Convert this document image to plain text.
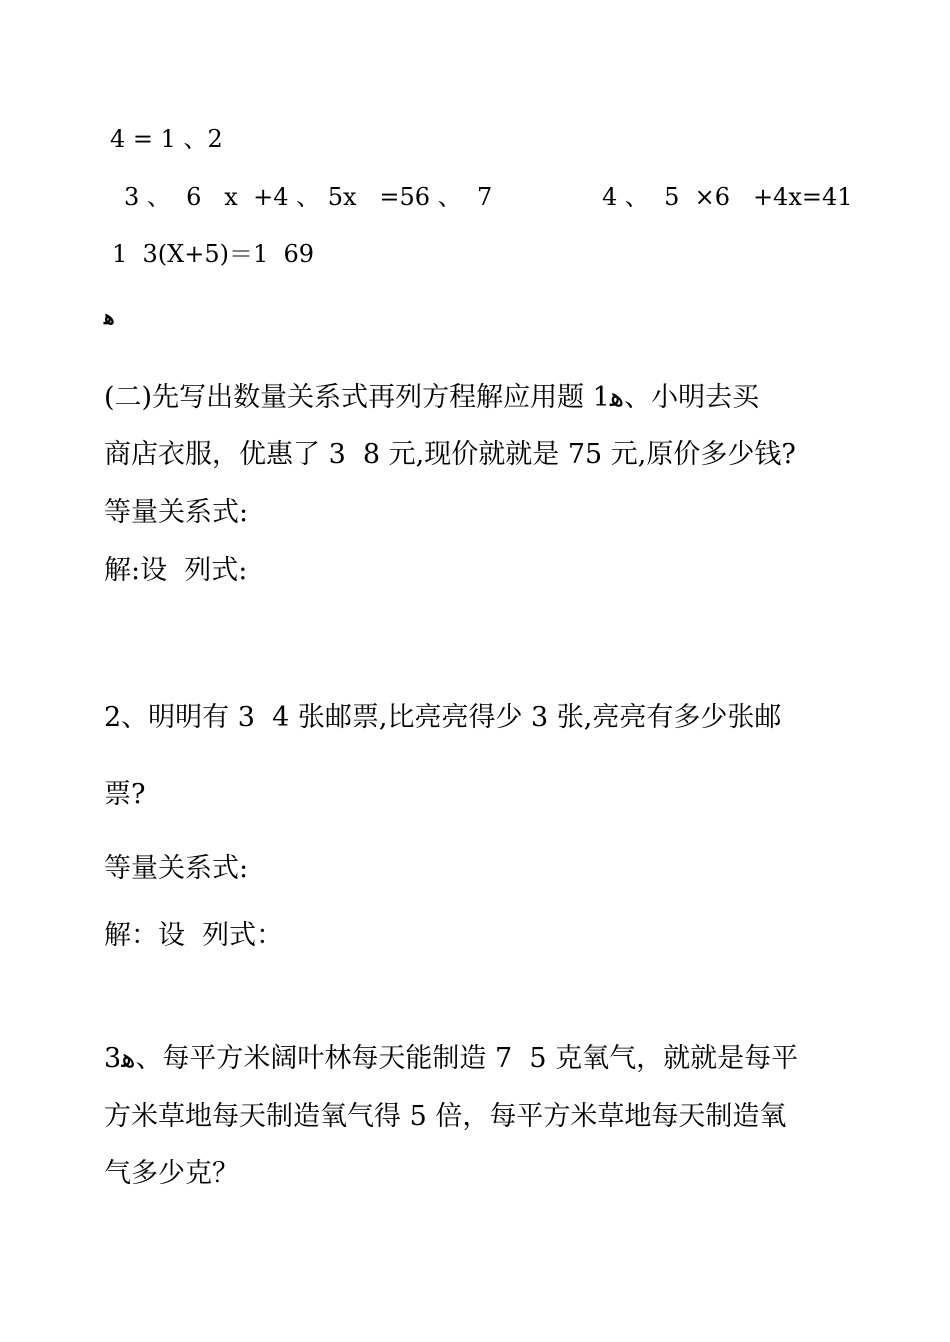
4 = 1 、2
3 、  6   x  +4 、 5x   =56 、  7	4 、  5  ×6   +4x=41
1  3(X+5)＝1  69
ﻫ
(二)先写出数量关系式再列方程解应用题 1ﻫ、小明去买
商店衣服，优惠了 3  8 元,现价就就是 75 元,原价多少钱?
等量关系式:
解:设  列式:
2、明明有 3  4 张邮票,比亮亮得少 3 张,亮亮有多少张邮
票?
等量关系式:
解：设  列式：
3ﻫ、每平方米阔叶林每天能制造 7  5 克氧气，就就是每平
方米草地每天制造氧气得 5 倍，每平方米草地每天制造氧
气多少克？
